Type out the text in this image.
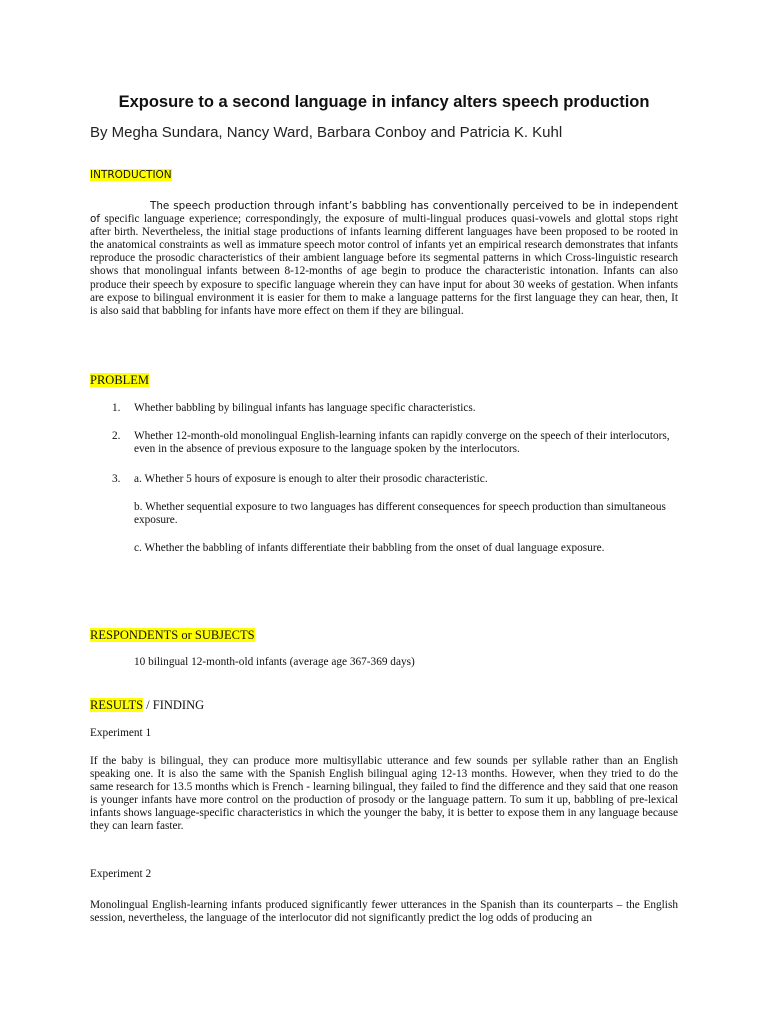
Exposure to a second language in infancy alters speech production

By Megha Sundara, Nancy Ward, Barbara Conboy and Patricia K. Kuhl

INTRODUCTION

The speech production through infant’s babbling has conventionally perceived to be in independent of specific language experience; correspondingly, the exposure of multi-lingual produces quasi-vowels and glottal stops right after birth. Nevertheless, the initial stage productions of infants learning different languages have been proposed to be rooted in the anatomical constraints as well as immature speech motor control of infants yet an empirical research demonstrates that infants reproduce the prosodic characteristics of their ambient language before its segmental patterns in which Cross-linguistic research shows that monolingual infants between 8-12-months of age begin to produce the characteristic intonation. Infants can also produce their speech by exposure to specific language wherein they can have input for about 30 weeks of gestation. When infants are expose to bilingual environment it is easier for them to make a language patterns for the first language they can hear, then, It is also said that babbling for infants have more effect on them if they are bilingual.

PROBLEM

1. Whether babbling by bilingual infants has language specific characteristics.
2. Whether 12-month-old monolingual English-learning infants can rapidly converge on the speech of their interlocutors, even in the absence of previous exposure to the language spoken by the interlocutors.
3. a. Whether 5 hours of exposure is enough to alter their prosodic characteristic.

b. Whether sequential exposure to two languages has different consequences for speech production than simultaneous exposure.

c. Whether the babbling of infants differentiate their babbling from the onset of dual language exposure.

RESPONDENTS or SUBJECTS

10 bilingual 12-month-old infants (average age 367-369 days)

RESULTS / FINDING

Experiment 1

If the baby is bilingual, they can produce more multisyllabic utterance and few sounds per syllable rather than an English speaking one. It is also the same with the Spanish English bilingual aging 12-13 months. However, when they tried to do the same research for 13.5 months which is French - learning bilingual, they failed to find the difference and they said that one reason is younger infants have more control on the production of prosody or the language pattern. To sum it up, babbling of pre-lexical infants shows language-specific characteristics in which the younger the baby, it is better to expose them in any language because they can learn faster.

Experiment 2

Monolingual English-learning infants produced significantly fewer utterances in the Spanish than its counterparts – the English session, nevertheless, the language of the interlocutor did not significantly predict the log odds of producing an
